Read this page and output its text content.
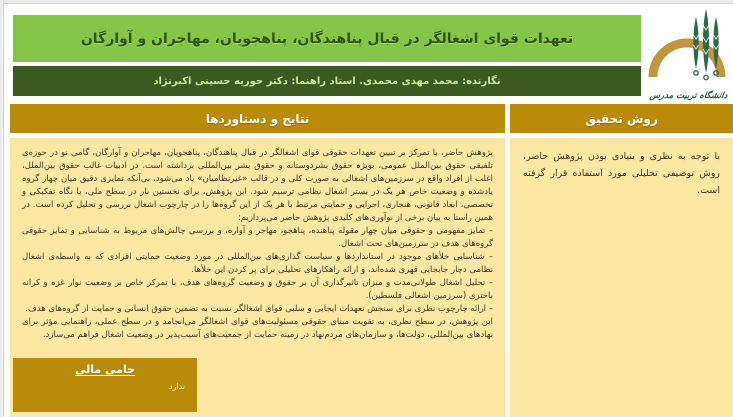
تعهدات قوای اشغالگر در قبال پناهندگان، پناهجویان، مهاجران و آوارگان
نگارنده: محمد مهدی محمدی. استاد راهنما: دکتر حوریه حسینی اکبرنژاد
دانشگاه تربیت مدرس
نتایج و دستاوردها

پژوهش حاضر، با تمرکز بر تبیین تعهدات حقوقی قوای اشغالگر در قبال پناهندگان، پناهجویان، مهاجران و آوارگان، گامی نو در حوزه‌ی تلفیقی حقوق بین‌الملل عمومی، بویژه حقوق بشردوستانه و حقوق بشر بین‌المللی برداشته است. در ادبیات غالب حقوق بین‌الملل، اغلب از افراد واقع در سرزمین‌های اشغالی به صورت کلی و در قالب «غیرنظامیان» یاد می‌شود، بی‌آنکه تمایزی دقیق میان چهار گروه یادشده و وضعیت خاص هر یک در بستر اشغال نظامی ترسیم شود. این پژوهش، برای نخستین بار در سطح ملی، با نگاه تفکیکی و تخصصی، ابعاد قانونی، هنجاری، اجرایی و حمایتی مرتبط با هر یک از این گروه‌ها را در چارچوب اشغال بررسی و تحلیل کرده است. در همین راستا به بیان برخی از نوآوری‌های کلیدی پژوهش حاضر می‌پردازیم:

– تمایز مفهومی و حقوقی میان چهار مقوله پناهنده، پناهجو، مهاجر و آواره، و بررسی چالش‌های مربوط به شناسایی و تمایز حقوقی گروه‌های هدف در سرزمین‌های تحت اشغال.

– شناسایی خلأهای موجود در استانداردها و سیاست گذاری‌های بین‌المللی در مورد وضعیت حمایتی افرادی که به واسطه‌ی اشغال نظامی دچار جابجایی قهری شده‌اند، و ارائه راهکارهای تحلیلی برای پر کردن این خلأها.

– تحلیل اشغال طولانی‌مدت و میزان تاثیرگذاری آن بر حقوق و وضعیت گروه‌های هدف، با تمرکز خاص بر وضعیت نوار غزه و کرانه باختری (سرزمین اشغالی فلسطین).

– ارائه چارچوب نظری برای سنجش تعهدات ایجابی و سلبی قوای اشغالگر نسبت به تضمین حقوق انسانی و حمایت از گروه‌های هدف.

این پژوهش، در سطح نظری، به تقویت مبنای حقوقی مسئولیت‌های قوای اشغالگر می‌انجامد و در سطح عملی، راهنمایی مؤثر برای نهادهای بین‌المللی، دولت‌ها، و سازمان‌های مردم‌نهاد در زمینه حمایت از جمعیت‌های آسیب‌پذیر در وضعیت اشغال فراهم می‌سازد.

روش تحقیق

با توجه به نظری و بنیادی بودن پژوهش حاضر، روش توصیفی تحلیلی مورد استفاده قرار گرفته است.

حامی مالی
ندارد
